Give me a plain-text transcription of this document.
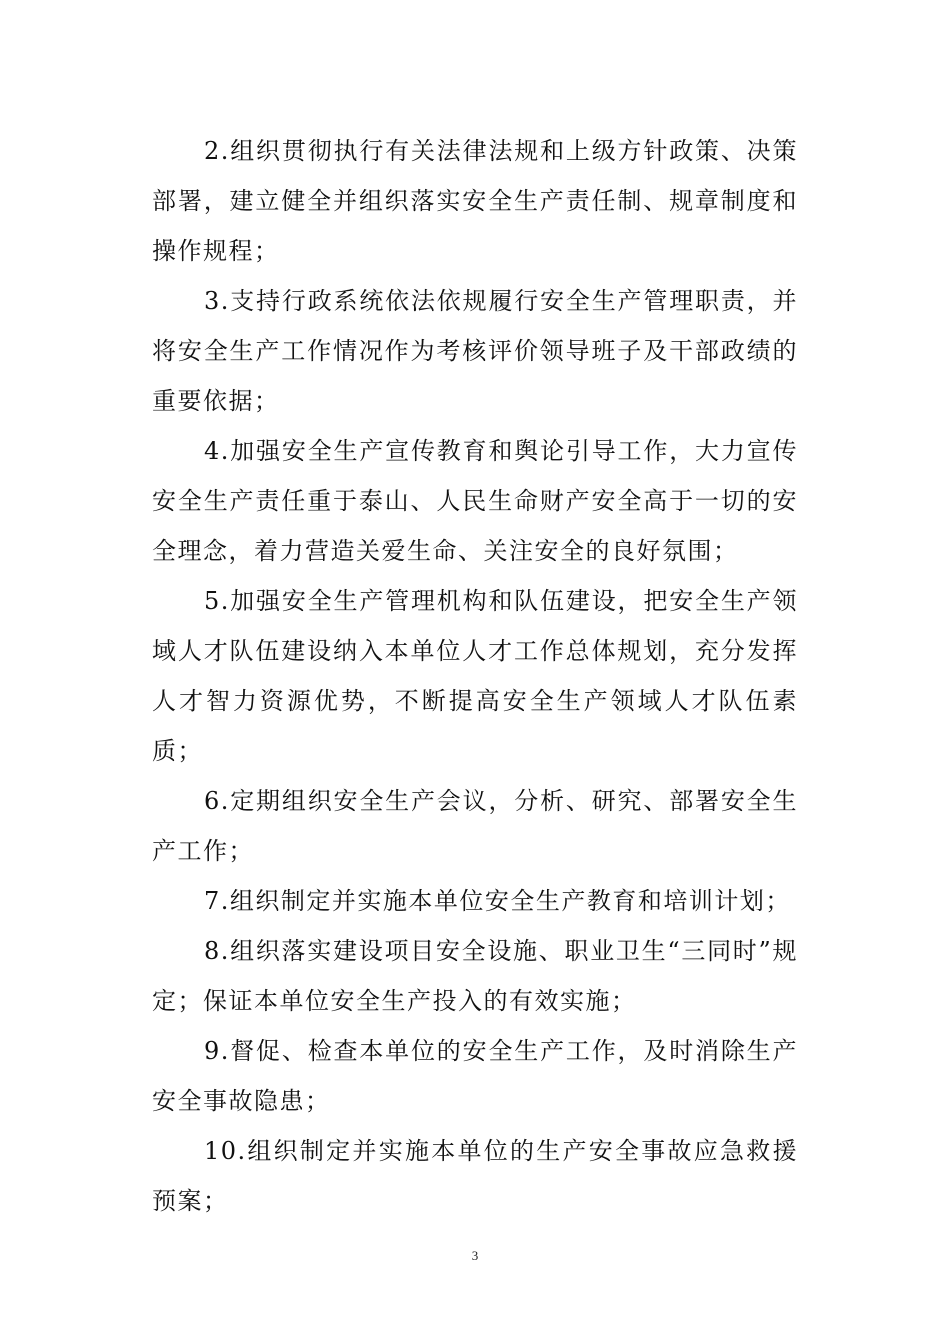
2.组织贯彻执行有关法律法规和上级方针政策、决策部署，建立健全并组织落实安全生产责任制、规章制度和操作规程；

3.支持行政系统依法依规履行安全生产管理职责，并将安全生产工作情况作为考核评价领导班子及干部政绩的重要依据；

4.加强安全生产宣传教育和舆论引导工作，大力宣传安全生产责任重于泰山、人民生命财产安全高于一切的安全理念，着力营造关爱生命、关注安全的良好氛围；

5.加强安全生产管理机构和队伍建设，把安全生产领域人才队伍建设纳入本单位人才工作总体规划，充分发挥人才智力资源优势，不断提高安全生产领域人才队伍素质；

6.定期组织安全生产会议，分析、研究、部署安全生产工作；

7.组织制定并实施本单位安全生产教育和培训计划；

8.组织落实建设项目安全设施、职业卫生“三同时”规定；保证本单位安全生产投入的有效实施；

9.督促、检查本单位的安全生产工作，及时消除生产安全事故隐患；

10.组织制定并实施本单位的生产安全事故应急救援预案；

3
